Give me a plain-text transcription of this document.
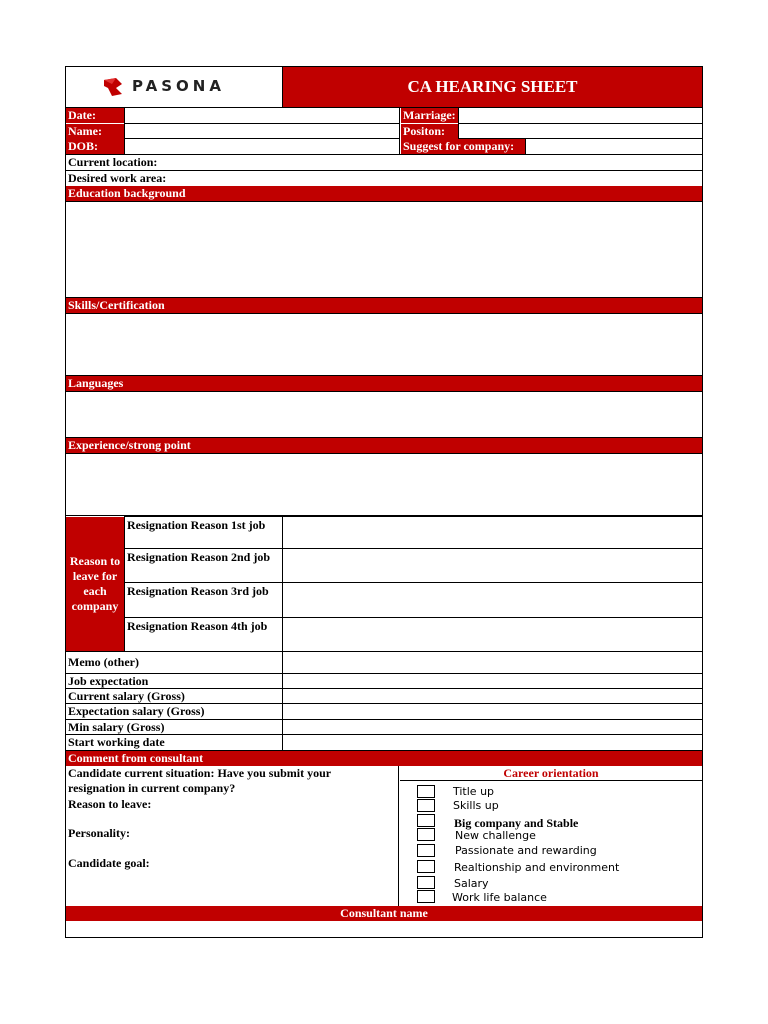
PASONA	CA HEARING SHEET
Date:
Name:
DOB:
Marriage:
Positon:
Suggest for company:
Current location:
Desired work area:
Education background
Skills/Certification
Languages
Experience/strong point
Reason to leave for each company
Resignation Reason 1st job
Resignation Reason 2nd job
Resignation Reason 3rd job
Resignation Reason 4th job
Memo (other)
Job expectation
Current salary (Gross)
Expectation salary (Gross)
Min salary (Gross)
Start working date
Comment from consultant
Candidate current situation: Have you submit your resignation in current company?
Reason to leave:
Personality:
Candidate goal:
Career orientation
Title up
Skills up
Big company and Stable
New challenge
Passionate and rewarding
Realtionship and environment
Salary
Work life balance
Consultant name
